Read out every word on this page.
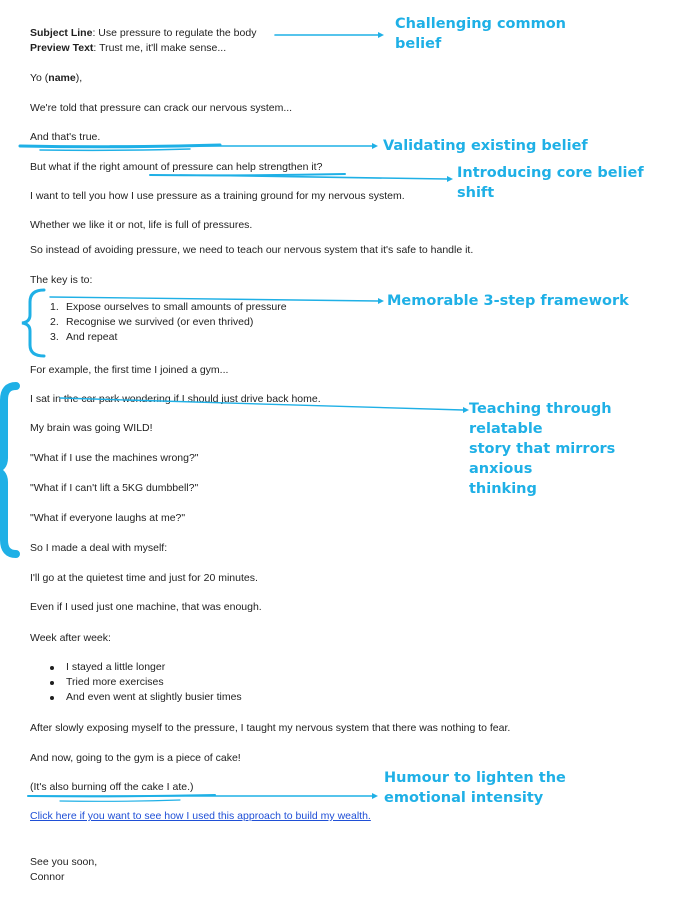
Subject Line: Use pressure to regulate the body
Preview Text: Trust me, it'll make sense...
Yo (name),
We're told that pressure can crack our nervous system...
And that's true.
But what if the right amount of pressure can help strengthen it?
I want to tell you how I use pressure as a training ground for my nervous system.
Whether we like it or not, life is full of pressures.
So instead of avoiding pressure, we need to teach our nervous system that it's safe to handle it.
The key is to:
1. Expose ourselves to small amounts of pressure
2. Recognise we survived (or even thrived)
3. And repeat
For example, the first time I joined a gym...
I sat in the car park wondering if I should just drive back home.
My brain was going WILD!
"What if I use the machines wrong?"
"What if I can't lift a 5KG dumbbell?"
"What if everyone laughs at me?"
So I made a deal with myself:
I'll go at the quietest time and just for 20 minutes.
Even if I used just one machine, that was enough.
Week after week:
I stayed a little longer
Tried more exercises
And even went at slightly busier times
After slowly exposing myself to the pressure, I taught my nervous system that there was nothing to fear.
And now, going to the gym is a piece of cake!
(It's also burning off the cake I ate.)
Click here if you want to see how I used this approach to build my wealth.
See you soon,
Connor
Challenging common
belief
Validating existing belief
Introducing core belief
shift
Memorable 3-step framework
Teaching through relatable
story that mirrors anxious
thinking
Humour to lighten the
emotional intensity
